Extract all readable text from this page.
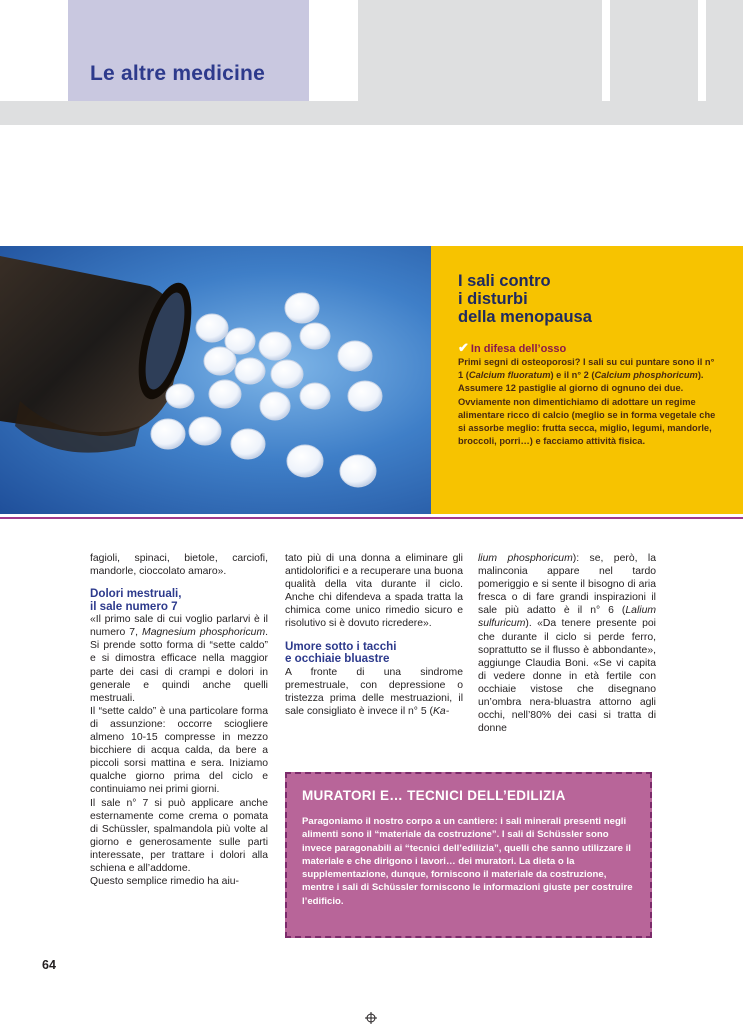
Le altre medicine
I sali contro
i disturbi
della menopausa
✔ In difesa dell’osso

Primi segni di osteoporosi? I sali su cui puntare sono il n° 1 (Calcium fluoratum) e il n° 2 (Calcium phosphoricum). Assumere 12 pastiglie al giorno di ognuno dei due. Ovviamente non dimentichiamo di adottare un regime alimentare ricco di calcio (meglio se in forma vegetale che si assorbe meglio: frutta secca, miglio, legumi, mandorle, broccoli, porri…) e facciamo attività fisica.

fagioli, spinaci, bietole, carciofi, mandorle, cioccolato amaro».

Dolori mestruali,
il sale numero 7

«Il primo sale di cui voglio parlarvi è il numero 7, Magnesium phosphoricum. Si prende sotto forma di “sette caldo” e si dimostra efficace nella maggior parte dei casi di crampi e dolori in generale e quindi anche quelli mestruali.

Il “sette caldo” è una particolare forma di assunzione: occorre sciogliere almeno 10-15 compresse in mezzo bicchiere di acqua calda, da bere a piccoli sorsi mattina e sera. Iniziamo qualche giorno prima del ciclo e continuiamo nei primi giorni.

Il sale n° 7 si può applicare anche esternamente come crema o pomata di Schüssler, spalmandola più volte al giorno e generosamente sulle parti interessate, per trattare i dolori alla schiena e all’addome.

Questo semplice rimedio ha aiu-

tato più di una donna a eliminare gli antidolorifici e a recuperare una buona qualità della vita durante il ciclo. Anche chi difendeva a spada tratta la chimica come unico rimedio sicuro e risolutivo si è dovuto ricredere».

Umore sotto i tacchi
e occhiaie bluastre

A fronte di una sindrome premestruale, con depressione o tristezza prima delle mestruazioni, il sale consigliato è invece il n° 5 (Ka-

lium phosphoricum): se, però, la malinconia appare nel tardo pomeriggio e si sente il bisogno di aria fresca o di fare grandi inspirazioni il sale più adatto è il n° 6 (Lalium sulfuricum). «Da tenere presente poi che durante il ciclo si perde ferro, soprattutto se il flusso è abbondante», aggiunge Claudia Boni. «Se vi capita di vedere donne in età fertile con occhiaie vistose che disegnano un’ombra nera-bluastra attorno agli occhi, nell’80% dei casi si tratta di donne

MURATORI E… TECNICI DELL’EDILIZIA

Paragoniamo il nostro corpo a un cantiere: i sali minerali presenti negli alimenti sono il “materiale da costruzione”. I sali di Schüssler sono invece paragonabili ai “tecnici dell’edilizia”, quelli che sanno utilizzare il materiale e che dirigono i lavori… dei muratori. La dieta o la supplementazione, dunque, forniscono il materiale da costruzione, mentre i sali di Schüssler forniscono le informazioni giuste per costruire l’edificio.

64
